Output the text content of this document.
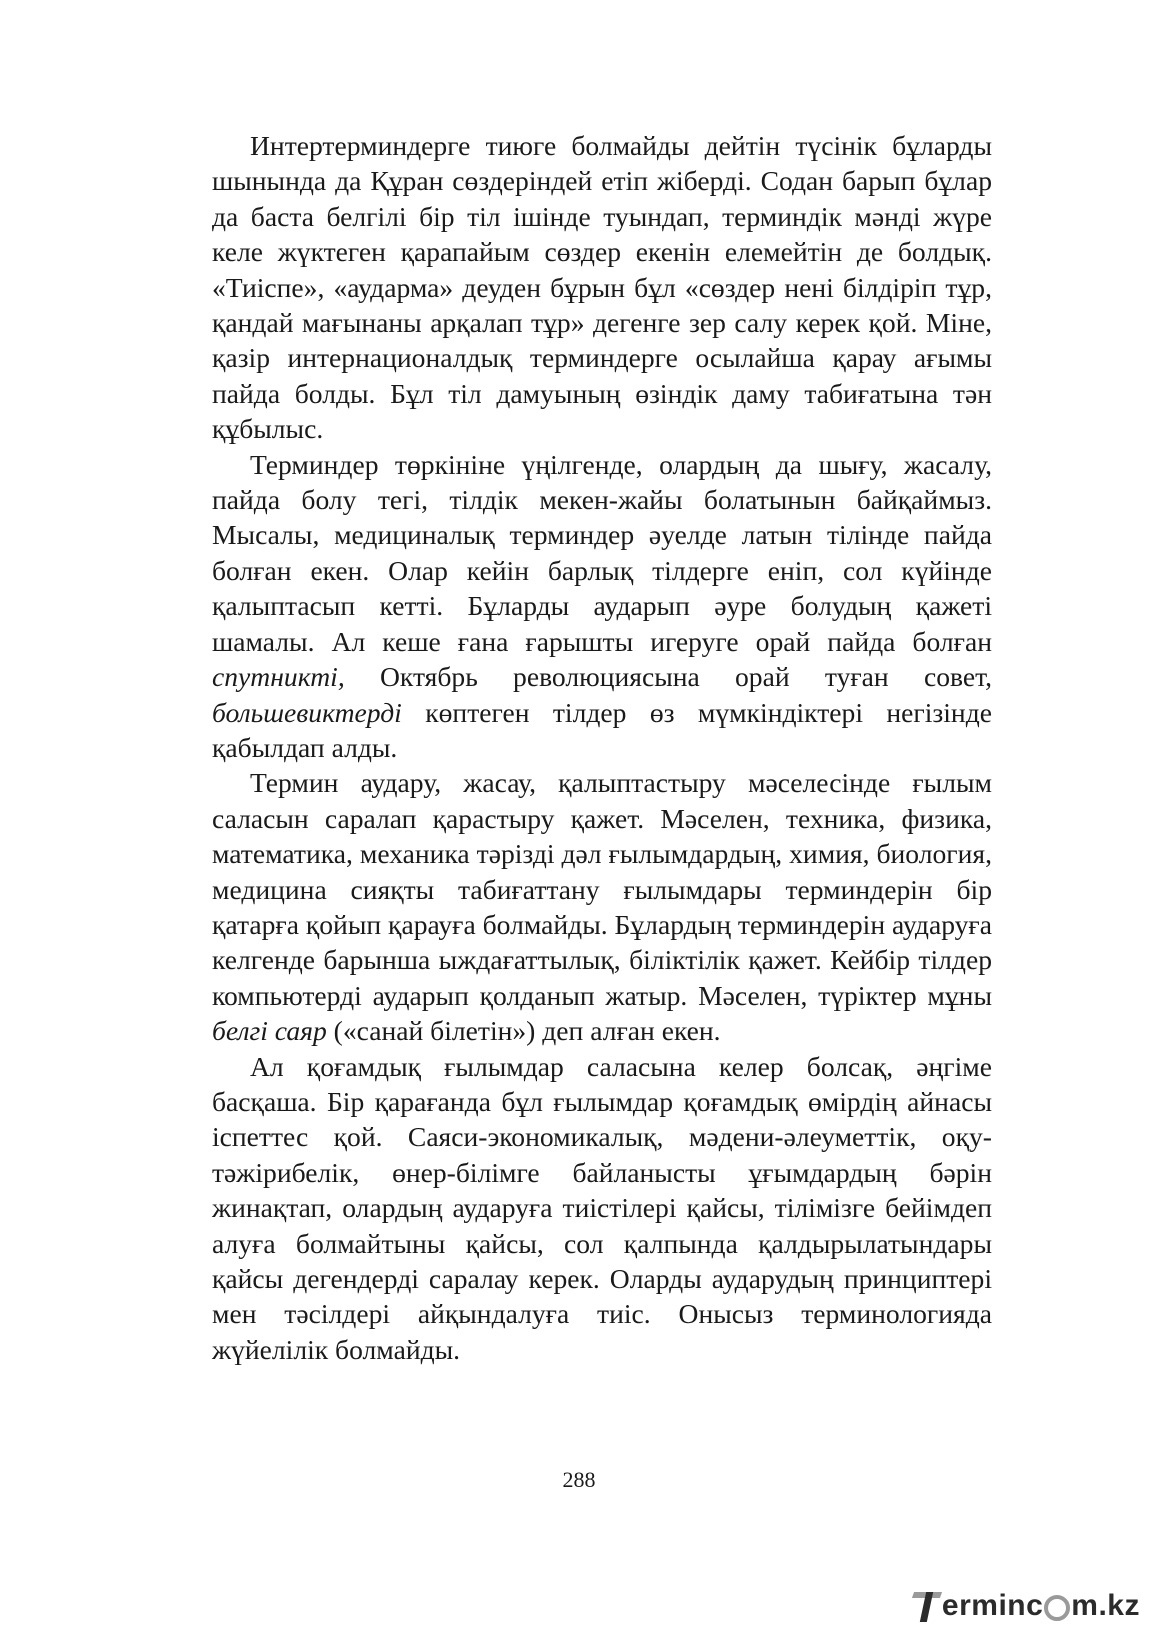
Интертерминдерге тиюге болмайды дейтін түсінік бұларды шынында да Құран сөздеріндей етіп жіберді. Содан барып бұлар да баста белгілі бір тіл ішінде туындап, терминдік мәнді жүре келе жүктеген қарапайым сөздер екенін елемейтін де болдық. «Тиіспе», «аударма» деуден бұрын бұл «сөздер нені білдіріп тұр, қандай мағынаны арқалап тұр» дегенге зер салу керек қой. Міне, қазір интернационалдық терминдерге осылайша қарау ағымы пайда болды. Бұл тіл дамуының өзіндік даму табиғатына тән құбылыс.

Терминдер төркініне үңілгенде, олардың да шығу, жасалу, пайда болу тегі, тілдік мекен-жайы болатынын байқаймыз. Мысалы, медициналық терминдер әуелде латын тілінде пайда болған екен. Олар кейін барлық тілдерге еніп, сол күйінде қалыптасып кетті. Бұларды аударып әуре болудың қажеті шамалы. Ал кеше ғана ғарышты игеруге орай пайда болған спутникті, Октябрь революциясына орай туған совет, большевиктерді көптеген тілдер өз мүмкіндіктері негізінде қабылдап алды.

Термин аудару, жасау, қалыптастыру мәселесінде ғылым саласын саралап қарастыру қажет. Мәселен, техника, физика, математика, механика тәрізді дәл ғылымдардың, химия, биология, медицина сияқты табиғаттану ғылымдары терминдерін бір қатарға қойып қарауға болмайды. Бұлардың терминдерін аударуға келгенде барынша ыждағаттылық, біліктілік қажет. Кейбір тілдер компьютерді аударып қолданып жатыр. Мәселен, түріктер мұны белгі саяр («санай білетін») деп алған екен.

Ал қоғамдық ғылымдар саласына келер болсақ, әңгіме басқаша. Бір қарағанда бұл ғылымдар қоғамдық өмірдің айнасы іспеттес қой. Саяси-экономикалық, мәдени-әлеуметтік, оқу-тәжірибелік, өнер-білімге байланысты ұғымдардың бәрін жинақтап, олардың аударуға тиістілері қайсы, тілімізге бейімдеп алуға болмайтыны қайсы, сол қалпында қалдырылатындары қайсы дегендерді саралау керек. Оларды аударудың принциптері мен тәсілдері айқындалуға тиіс. Онысыз терминологияда жүйелілік болмайды.

288
ermin c m.kz
